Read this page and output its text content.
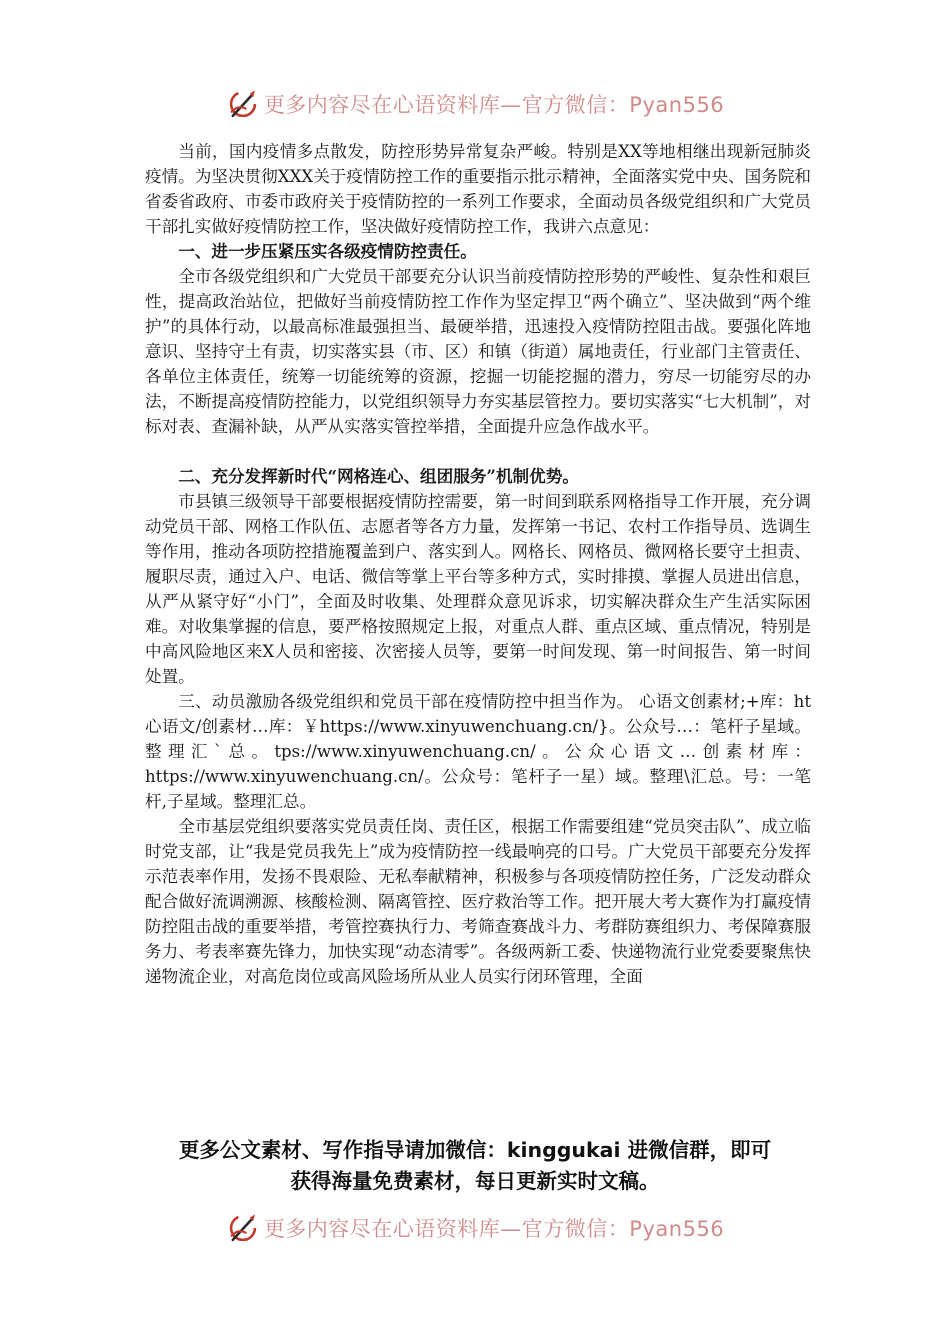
更多内容尽在心语资料库—官方微信：Pyan556

当前，国内疫情多点散发，防控形势异常复杂严峻。特别是XX等地相继出现新冠肺炎疫情。为坚决贯彻XXX关于疫情防控工作的重要指示批示精神，全面落实党中央、国务院和省委省政府、市委市政府关于疫情防控的一系列工作要求，全面动员各级党组织和广大党员干部扎实做好疫情防控工作，坚决做好疫情防控工作，我讲六点意见：

一、进一步压紧压实各级疫情防控责任。

全市各级党组织和广大党员干部要充分认识当前疫情防控形势的严峻性、复杂性和艰巨性，提高政治站位，把做好当前疫情防控工作作为坚定捍卫“两个确立”、坚决做到“两个维护”的具体行动，以最高标准最强担当、最硬举措，迅速投入疫情防控阻击战。要强化阵地意识、坚持守土有责，切实落实县（市、区）和镇（街道）属地责任，行业部门主管责任、各单位主体责任，统筹一切能统筹的资源，挖掘一切能挖掘的潜力，穷尽一切能穷尽的办法，不断提高疫情防控能力，以党组织领导力夯实基层管控力。要切实落实“七大机制”，对标对表、查漏补缺，从严从实落实管控举措，全面提升应急作战水平。

二、充分发挥新时代“网格连心、组团服务”机制优势。

市县镇三级领导干部要根据疫情防控需要，第一时间到联系网格指导工作开展，充分调动党员干部、网格工作队伍、志愿者等各方力量，发挥第一书记、农村工作指导员、选调生等作用，推动各项防控措施覆盖到户、落实到人。网格长、网格员、微网格长要守土担责、履职尽责，通过入户、电话、微信等掌上平台等多种方式，实时排摸、掌握人员进出信息，从严从紧守好“小门”，全面及时收集、处理群众意见诉求，切实解决群众生产生活实际困难。对收集掌握的信息，要严格按照规定上报，对重点人群、重点区域、重点情况，特别是中高风险地区来X人员和密接、次密接人员等，要第一时间发现、第一时间报告、第一时间处置。

三、动员激励各级党组织和党员干部在疫情防控中担当作为。 心语文创素材;+库：ht心语文/创素材…库：￥https://www.xinyuwenchuang.cn/}。公众号…：笔杆子星域。整理汇`总。tps://www.xinyuwenchuang.cn/。公众心语文…创素材库：https://www.xinyuwenchuang.cn/。公众号：笔杆子一星）域。整理\汇总。号：一笔杆,子星域。整理汇总。

全市基层党组织要落实党员责任岗、责任区，根据工作需要组建“党员突击队”、成立临时党支部，让“我是党员我先上”成为疫情防控一线最响亮的口号。广大党员干部要充分发挥示范表率作用，发扬不畏艰险、无私奉献精神，积极参与各项疫情防控任务，广泛发动群众配合做好流调溯源、核酸检测、隔离管控、医疗救治等工作。把开展大考大赛作为打赢疫情防控阻击战的重要举措，考管控赛执行力、考筛查赛战斗力、考群防赛组织力、考保障赛服务力、考表率赛先锋力，加快实现“动态清零”。各级两新工委、快递物流行业党委要聚焦快递物流企业，对高危岗位或高风险场所从业人员实行闭环管理，全面

更多公文素材、写作指导请加微信：kinggukai 进微信群，即可

获得海量免费素材，每日更新实时文稿。

更多内容尽在心语资料库—官方微信：Pyan556
